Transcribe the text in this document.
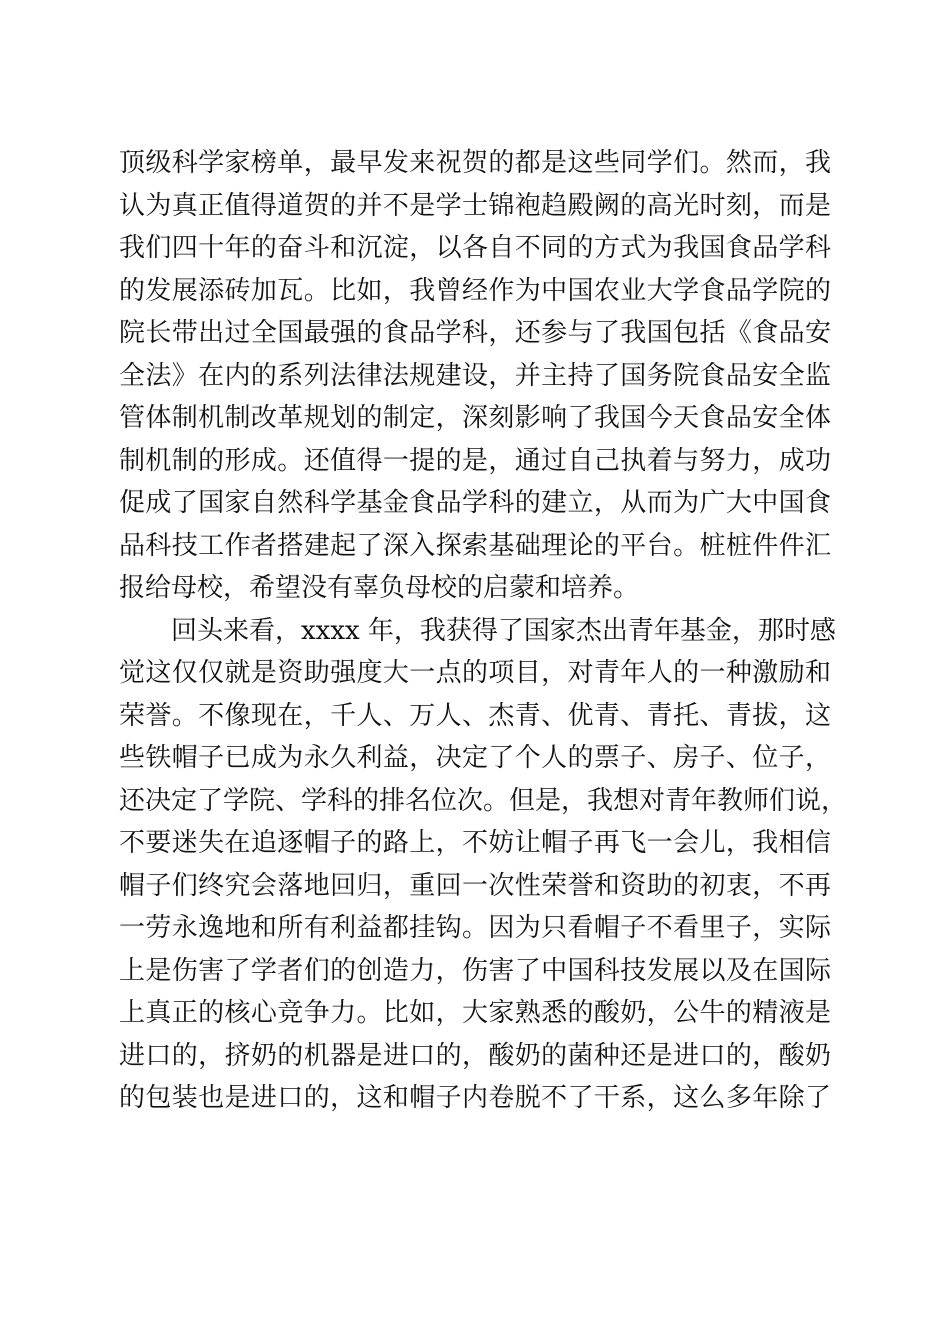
顶级科学家榜单，最早发来祝贺的都是这些同学们。然而，我
认为真正值得道贺的并不是学士锦袍趋殿阙的高光时刻，而是
我们四十年的奋斗和沉淀，以各自不同的方式为我国食品学科
的发展添砖加瓦。比如，我曾经作为中国农业大学食品学院的
院长带出过全国最强的食品学科，还参与了我国包括《食品安
全法》在内的系列法律法规建设，并主持了国务院食品安全监
管体制机制改革规划的制定，深刻影响了我国今天食品安全体
制机制的形成。还值得一提的是，通过自己执着与努力，成功
促成了国家自然科学基金食品学科的建立，从而为广大中国食
品科技工作者搭建起了深入探索基础理论的平台。桩桩件件汇
报给母校，希望没有辜负母校的启蒙和培养。

回头来看，xxxx 年，我获得了国家杰出青年基金，那时感
觉这仅仅就是资助强度大一点的项目，对青年人的一种激励和
荣誉。不像现在，千人、万人、杰青、优青、青托、青拔，这
些铁帽子已成为永久利益，决定了个人的票子、房子、位子，
还决定了学院、学科的排名位次。但是，我想对青年教师们说，
不要迷失在追逐帽子的路上，不妨让帽子再飞一会儿，我相信
帽子们终究会落地回归，重回一次性荣誉和资助的初衷，不再
一劳永逸地和所有利益都挂钩。因为只看帽子不看里子，实际
上是伤害了学者们的创造力，伤害了中国科技发展以及在国际
上真正的核心竞争力。比如，大家熟悉的酸奶，公牛的精液是
进口的，挤奶的机器是进口的，酸奶的菌种还是进口的，酸奶
的包装也是进口的，这和帽子内卷脱不了干系，这么多年除了
